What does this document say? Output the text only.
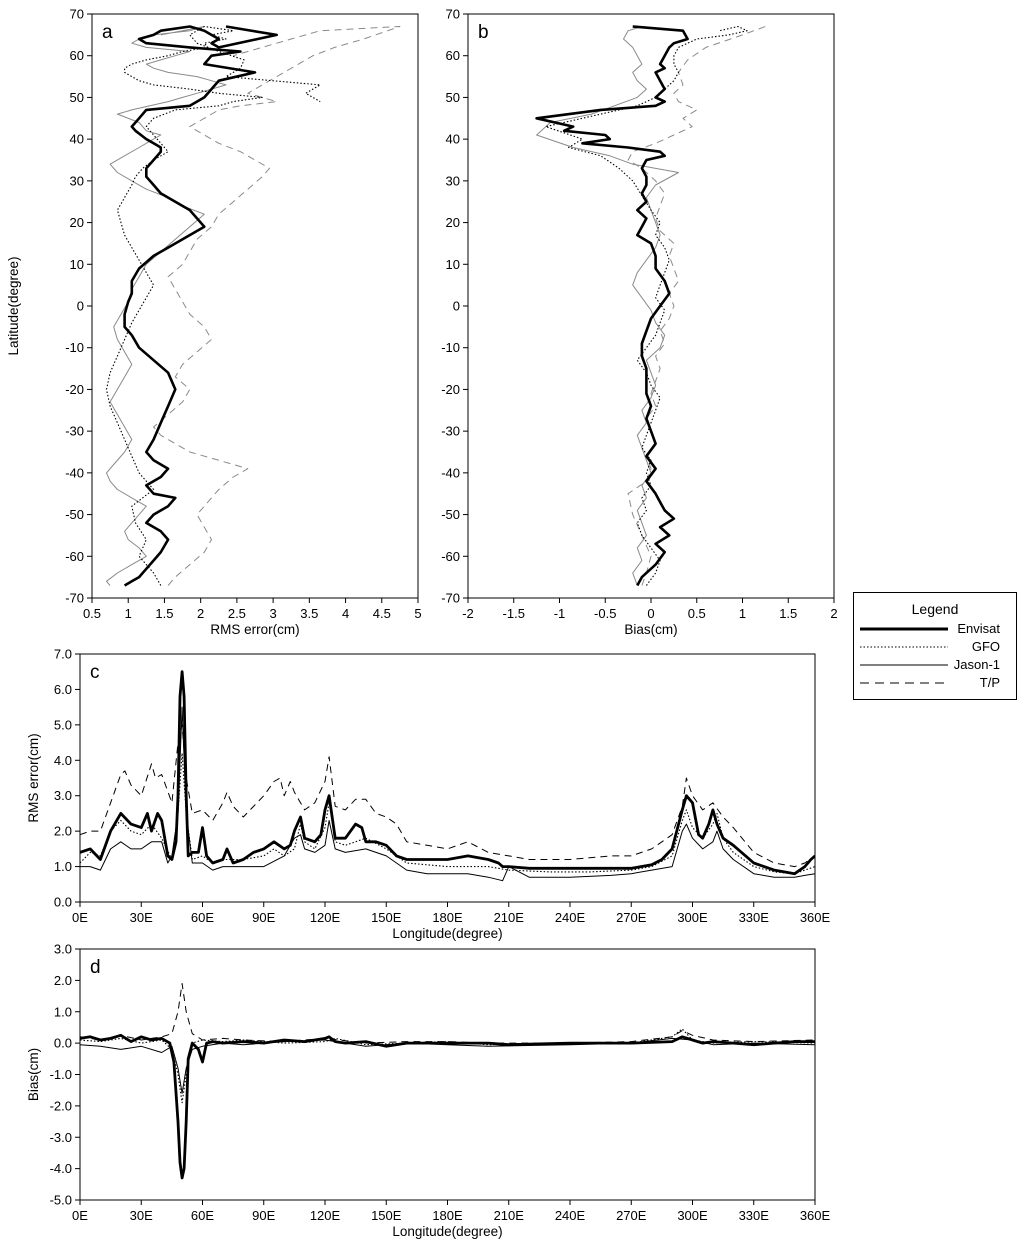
0.5 1 1.5 2 2.5 3 3.5 4 4.5 5
-70
-60
-50
-40
-30
-20
-10
0
10
20
30
40
50
60
70
RMS error(cm)
Latitude(degree)
a
-2 -1.5 -1 -0.5 0	0.5	1	1.5	2
-70
-60
-50
-40
-30
-20
-10
0
10
20
30
40
50
60
70
Bias(cm)
b
0E	30E	60E	90E	120E 150E 180E 210E 240E 270E 300E 330E 360E
0.0
1.0
2.0
3.0
4.0
5.0
6.0
7.0
Longitude(degree)
RMS error(cm)
c
0E	30E	60E	90E	120E 150E 180E 210E 240E 270E 300E 330E 360E
-5.0
-4.0
-3.0
-2.0
-1.0
0.0
1.0
2.0
3.0
Longitude(degree)
Bias(cm)
d
Legend
Envisat
GFO
Jason-1
T/P
